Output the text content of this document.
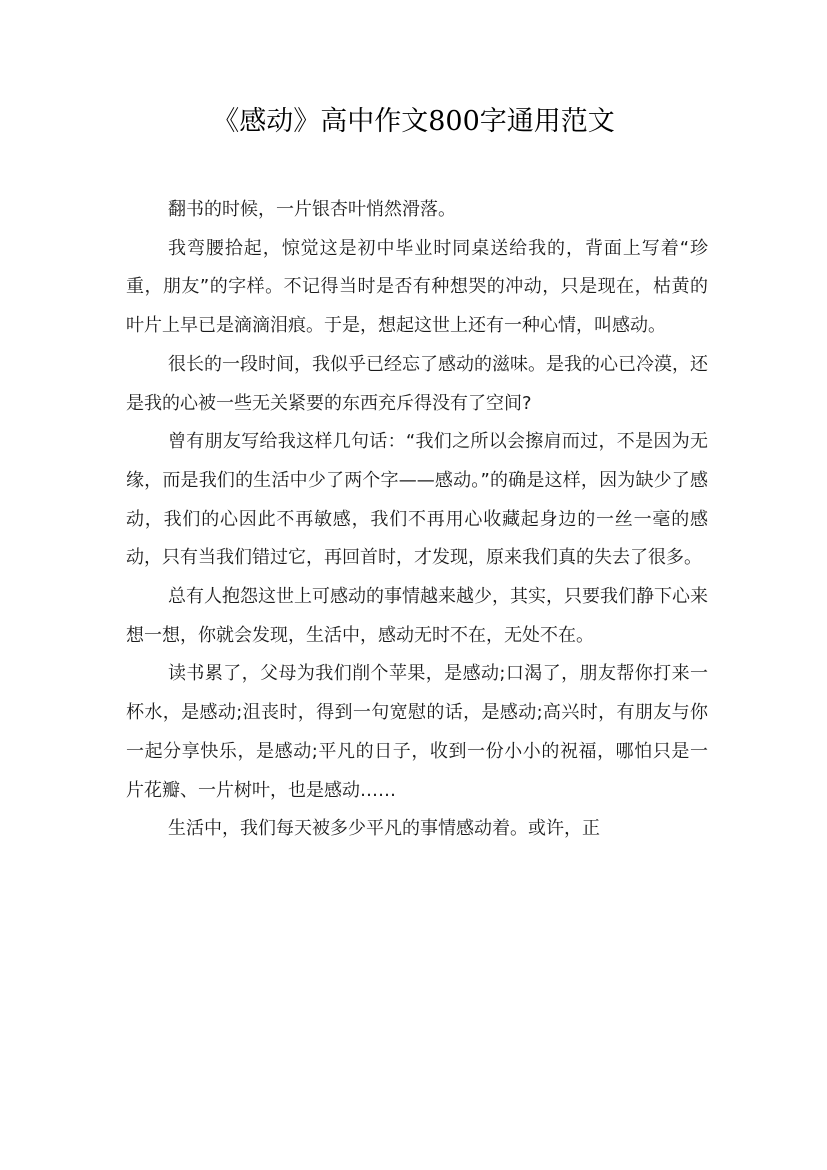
《感动》高中作文800字通用范文

翻书的时候，一片银杏叶悄然滑落。

我弯腰拾起，惊觉这是初中毕业时同桌送给我的，背面上写着“珍重，朋友”的字样。不记得当时是否有种想哭的冲动，只是现在，枯黄的叶片上早已是滴滴泪痕。于是，想起这世上还有一种心情，叫感动。

很长的一段时间，我似乎已经忘了感动的滋味。是我的心已冷漠，还是我的心被一些无关紧要的东西充斥得没有了空间?

曾有朋友写给我这样几句话：“我们之所以会擦肩而过，不是因为无缘，而是我们的生活中少了两个字——感动。”的确是这样，因为缺少了感动，我们的心因此不再敏感，我们不再用心收藏起身边的一丝一毫的感动，只有当我们错过它，再回首时，才发现，原来我们真的失去了很多。

总有人抱怨这世上可感动的事情越来越少，其实，只要我们静下心来想一想，你就会发现，生活中，感动无时不在，无处不在。

读书累了，父母为我们削个苹果，是感动;口渴了，朋友帮你打来一杯水，是感动;沮丧时，得到一句宽慰的话，是感动;高兴时，有朋友与你一起分享快乐，是感动;平凡的日子，收到一份小小的祝福，哪怕只是一片花瓣、一片树叶，也是感动……

生活中，我们每天被多少平凡的事情感动着。或许，正
